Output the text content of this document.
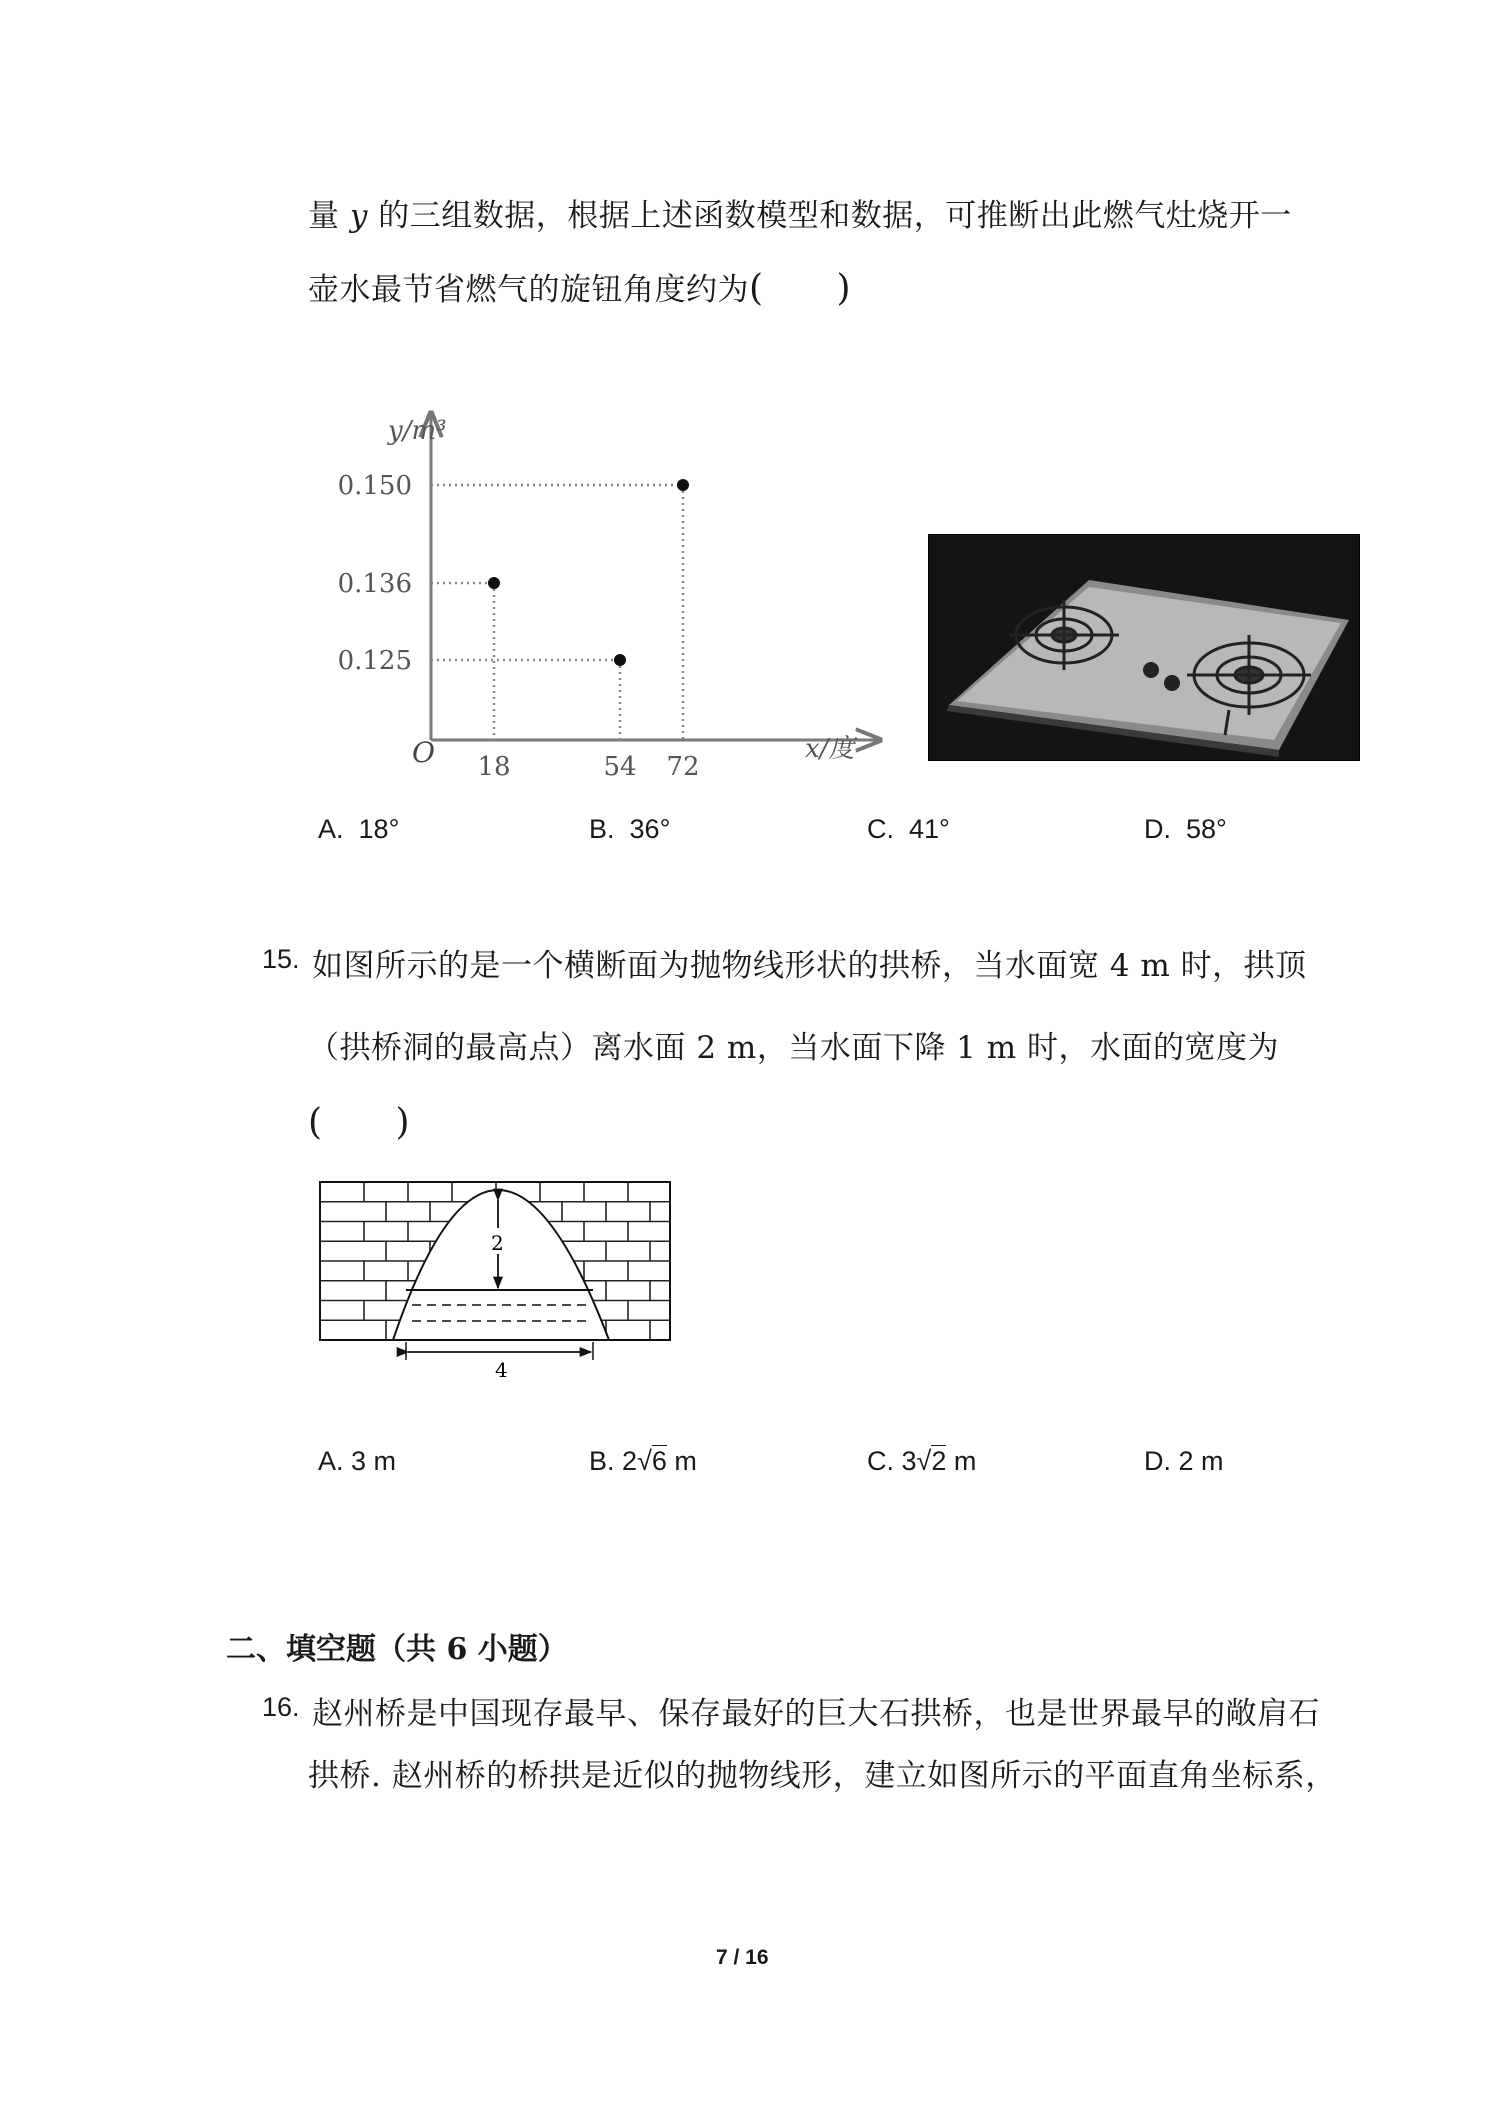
量 y 的三组数据，根据上述函数模型和数据，可推断出此燃气灶烧开一
壶水最节省燃气的旋钮角度约为(　　)
y/m³
x/度
O 18	54 72
0.150
0.136
0.125
A. 18°	B. 36°	C. 41°	D. 58°
15. 如图所示的是一个横断面为抛物线形状的拱桥，当水面宽 4 m 时，拱顶
（拱桥洞的最高点）离水面 2 m，当水面下降 1 m 时，水面的宽度为
(　　)
2
4
A. 3 m	B. 2√6 m	C. 3√2 m	D. 2 m
二、填空题（共 6 小题）
16. 赵州桥是中国现存最早、保存最好的巨大石拱桥，也是世界最早的敞肩石
拱桥. 赵州桥的桥拱是近似的抛物线形，建立如图所示的平面直角坐标系，
7 / 16
